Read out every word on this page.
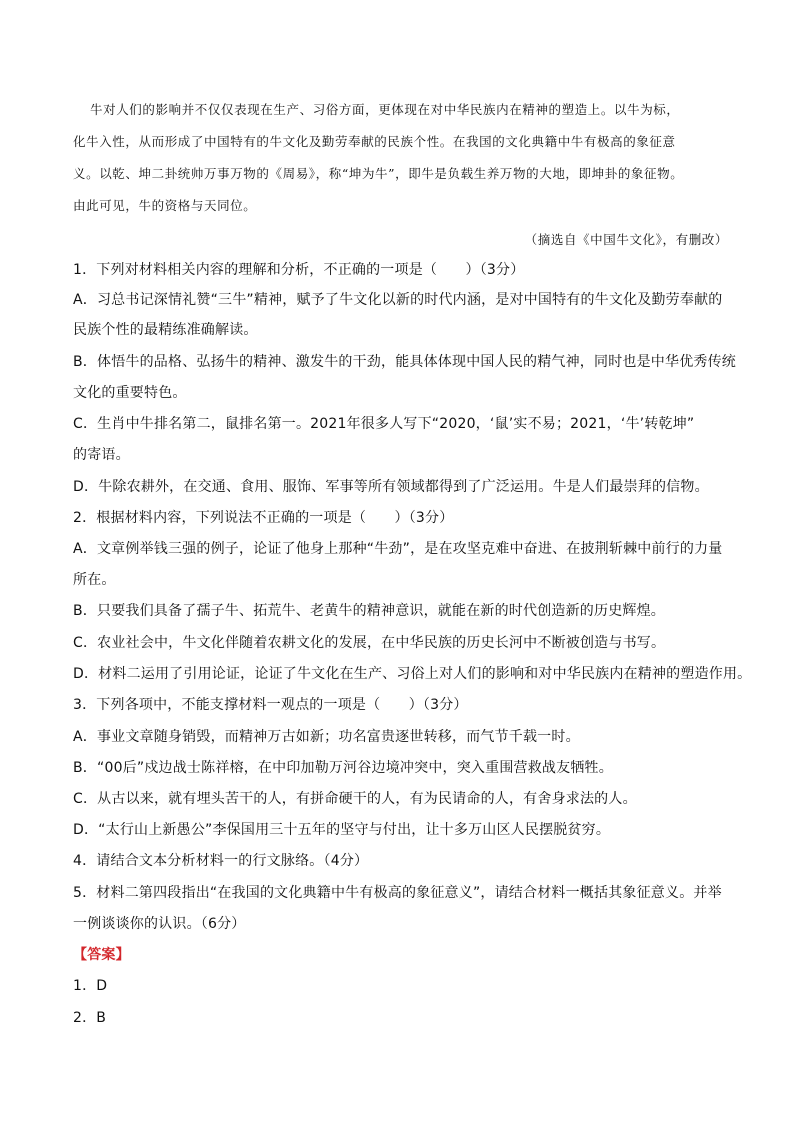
牛对人们的影响并不仅仅表现在生产、习俗方面，更体现在对中华民族内在精神的塑造上。以牛为标，
化牛入性，从而形成了中国特有的牛文化及勤劳奉献的民族个性。在我国的文化典籍中牛有极高的象征意
义。以乾、坤二卦统帅万事万物的《周易》，称“坤为牛”，即牛是负载生养万物的大地，即坤卦的象征物。
由此可见，牛的资格与天同位。
（摘选自《中国牛文化》，有删改）
1．下列对材料相关内容的理解和分析，不正确的一项是（　　）（3分）
A．习总书记深情礼赞“三牛”精神，赋予了牛文化以新的时代内涵，是对中国特有的牛文化及勤劳奉献的
民族个性的最精练准确解读。
B．体悟牛的品格、弘扬牛的精神、激发牛的干劲，能具体体现中国人民的精气神，同时也是中华优秀传统
文化的重要特色。
C．生肖中牛排名第二，鼠排名第一。2021年很多人写下“2020，‘鼠’实不易；2021，‘牛’转乾坤”
的寄语。
D．牛除农耕外，在交通、食用、服饰、军事等所有领域都得到了广泛运用。牛是人们最崇拜的信物。
2．根据材料内容，下列说法不正确的一项是（　　）（3分）
A．文章例举钱三强的例子，论证了他身上那种“牛劲”，是在攻坚克难中奋进、在披荆斩棘中前行的力量
所在。
B．只要我们具备了孺子牛、拓荒牛、老黄牛的精神意识，就能在新的时代创造新的历史辉煌。
C．农业社会中，牛文化伴随着农耕文化的发展，在中华民族的历史长河中不断被创造与书写。
D．材料二运用了引用论证，论证了牛文化在生产、习俗上对人们的影响和对中华民族内在精神的塑造作用。
3．下列各项中，不能支撑材料一观点的一项是（　　）（3分）
A．事业文章随身销毁，而精神万古如新；功名富贵逐世转移，而气节千载一时。
B．“00后”戍边战士陈祥榕，在中印加勒万河谷边境冲突中，突入重围营救战友牺牲。
C．从古以来，就有埋头苦干的人，有拼命硬干的人，有为民请命的人，有舍身求法的人。
D．“太行山上新愚公”李保国用三十五年的坚守与付出，让十多万山区人民摆脱贫穷。
4．请结合文本分析材料一的行文脉络。（4分）
5．材料二第四段指出“在我国的文化典籍中牛有极高的象征意义”，请结合材料一概括其象征意义。并举
一例谈谈你的认识。（6分）
【答案】
1．D
2．B
